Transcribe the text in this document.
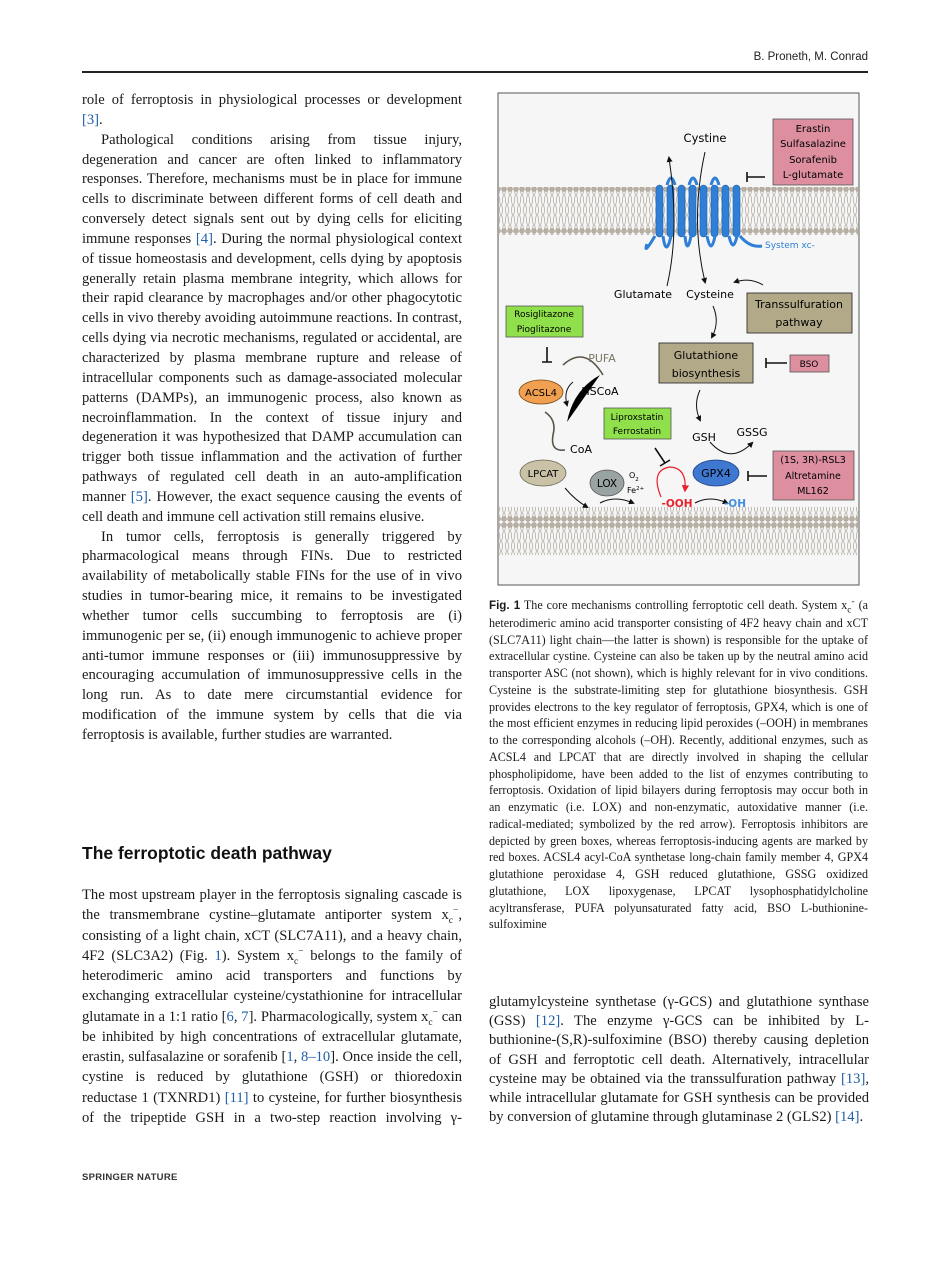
B. Proneth, M. Conrad

role of ferroptosis in physiological processes or development [3].

Pathological conditions arising from tissue injury, degeneration and cancer are often linked to inflammatory responses. Therefore, mechanisms must be in place for immune cells to discriminate between different forms of cell death and conversely detect signals sent out by dying cells for eliciting immune responses [4]. During the normal physiological context of tissue homeostasis and development, cells dying by apoptosis generally retain plasma membrane integrity, which allows for their rapid clearance by macrophages and/or other phagocytotic cells in vivo thereby avoiding autoimmune reactions. In contrast, cells dying via necrotic mechanisms, regulated or accidental, are characterized by plasma membrane rupture and release of intracellular components such as damage-associated molecular patterns (DAMPs), an immunogenic process, also known as necroinflammation. In the context of tissue injury and degeneration it was hypothesized that DAMP accumulation can trigger both tissue inflammation and the activation of further pathways of regulated cell death in an auto-amplification manner [5]. However, the exact sequence causing the events of cell death and immune cell activation still remains elusive.

In tumor cells, ferroptosis is generally triggered by pharmacological means through FINs. Due to restricted availability of metabolically stable FINs for the use of in vivo studies in tumor-bearing mice, it remains to be investigated whether tumor cells succumbing to ferroptosis are (i) immunogenic per se, (ii) enough immunogenic to achieve proper anti-tumor immune responses or (iii) immunosuppressive by encouraging accumulation of immunosuppressive cells in the long run. As to date mere circumstantial evidence for modification of the immune system by cells that die via ferroptosis is available, further studies are warranted.

The ferroptotic death pathway

The most upstream player in the ferroptosis signaling cascade is the transmembrane cystine–glutamate antiporter system $x_c^-$, consisting of a light chain, xCT (SLC7A11), and a heavy chain, 4F2 (SLC3A2) (Fig. 1). System $x_c^-$ belongs to the family of heterodimeric amino acid transporters and functions by exchanging extracellular cysteine/cystathionine for intracellular glutamate in a 1:1 ratio [6, 7]. Pharmacologically, system $x_c^-$ can be inhibited by high concentrations of extracellular glutamate, erastin, sulfasalazine or sorafenib [1, 8–10]. Once inside the cell, cystine is reduced by glutathione (GSH) or thioredoxin reductase 1 (TXNRD1) [11] to cysteine, for further biosynthesis of the tripeptide GSH in a two-step reaction involving γ-

glutamylcysteine synthetase (γ-GCS) and glutathione synthase (GSS) [12]. The enzyme γ-GCS can be inhibited by L-buthionine-(S,R)-sulfoximine (BSO) thereby causing depletion of GSH and ferroptotic cell death. Alternatively, intracellular cysteine may be obtained via the transsulfuration pathway [13], while intracellular glutamate for GSH synthesis can be provided by conversion of glutamine through glutaminase 2 (GLS2) [14].

Fig. 1 The core mechanisms controlling ferroptotic cell death. System $x_c^-$ (a heterodimeric amino acid transporter consisting of 4F2 heavy chain and xCT (SLC7A11) light chain—the latter is shown) is responsible for the uptake of extracellular cystine. Cysteine can also be taken up by the neutral amino acid transporter ASC (not shown), which is highly relevant for in vivo conditions. Cysteine is the substrate-limiting step for glutathione biosynthesis. GSH provides electrons to the key regulator of ferroptosis, GPX4, which is one of the most efficient enzymes in reducing lipid peroxides (–OOH) in membranes to the corresponding alcohols (–OH). Recently, additional enzymes, such as ACSL4 and LPCAT that are directly involved in shaping the cellular phospholipidome, have been added to the list of enzymes contributing to ferroptosis. Oxidation of lipid bilayers during ferroptosis may occur both in an enzymatic (i.e. LOX) and non-enzymatic, autoxidative manner (i.e. radical-mediated; symbolized by the red arrow). Ferroptosis inhibitors are depicted by green boxes, whereas ferroptosis-inducing agents are marked by red boxes. ACSL4 acyl-CoA synthetase long-chain family member 4, GPX4 glutathione peroxidase 4, GSH reduced glutathione, GSSG oxidized glutathione, LOX lipoxygenase, LPCAT lysophosphatidylcholine acyltransferase, PUFA polyunsaturated fatty acid, BSO L-buthionine-sulfoximine
Cystine
Erastin
Sulfasalazine
Sorafenib
L-glutamate
System xc-
Glutamate Cysteine
Transsulfuration
pathway
Rosiglitazone
Pioglitazone
Glutathione
biosynthesis
BSO
PUFA
ACSL4 HSCoA
CoA
Liproxstatin
Ferrostatin	GSH GSSG
GPX4
(1S, 3R)-RSL3
Altretamine
ML162
LPCAT
LOX
$O_2$
$Fe^{2+}$
-OOH	-OH
SPRINGER NATURE
